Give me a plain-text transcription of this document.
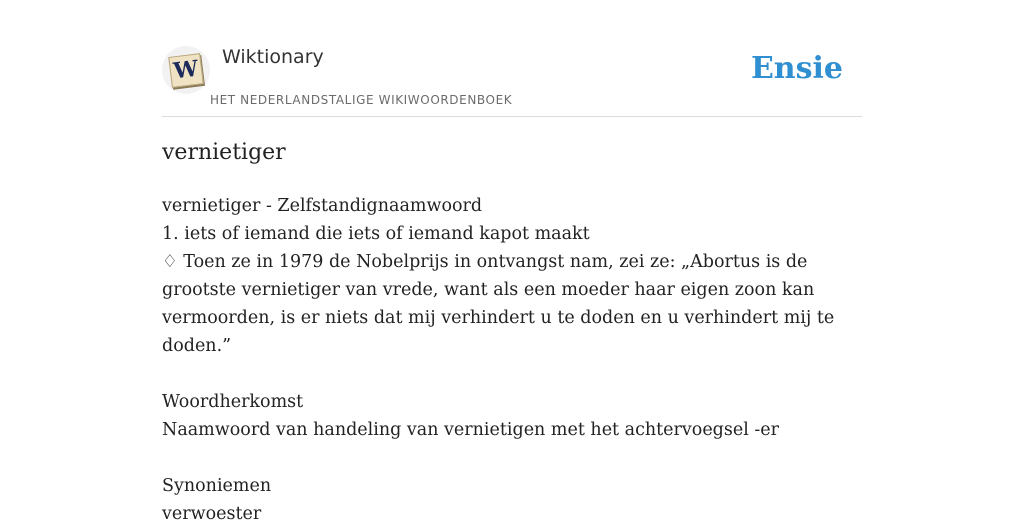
W Wiktionary
HET NEDERLANDSTALIGE WIKIWOORDENBOEK
Ensie
vernietiger
vernietiger - Zelfstandignaamwoord
1. iets of iemand die iets of iemand kapot maakt
♢ Toen ze in 1979 de Nobelprijs in ontvangst nam, zei ze: „Abortus is de grootste vernietiger van vrede, want als een moeder haar eigen zoon kan vermoorden, is er niets dat mij verhindert u te doden en u verhindert mij te doden.”
Woordherkomst
Naamwoord van handeling van vernietigen met het achtervoegsel -er
Synoniemen
verwoester
